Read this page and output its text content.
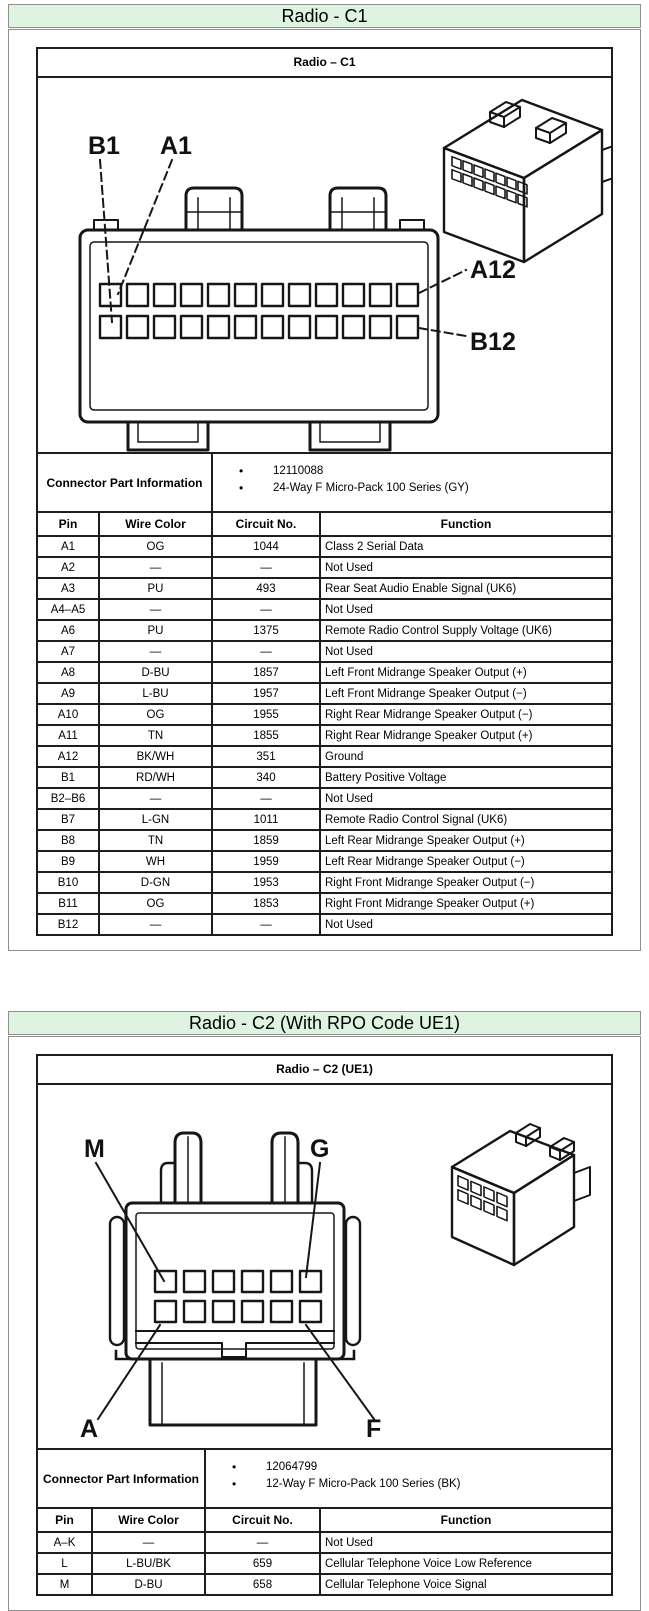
Radio - C1
Radio – C1			

B1 A1
A12
B12			

Connector Part Information		• 12110088
• 24-Way F Micro-Pack 100 Series (GY)	

Pin	Wire Color	Circuit No.	Function
A1	OG	1044	Class 2 Serial Data
A2	—	—	Not Used
A3	PU	493	Rear Seat Audio Enable Signal (UK6)
A4–A5	—	—	Not Used
A6	PU	1375	Remote Radio Control Supply Voltage (UK6)
A7	—	—	Not Used
A8	D-BU	1857	Left Front Midrange Speaker Output (+)
A9	L-BU	1957	Left Front Midrange Speaker Output (−)
A10	OG	1955	Right Rear Midrange Speaker Output (−)
A11	TN	1855	Right Rear Midrange Speaker Output (+)
A12	BK/WH	351	Ground
B1	RD/WH	340	Battery Positive Voltage
B2–B6	—	—	Not Used
B7	L-GN	1011	Remote Radio Control Signal (UK6)
B8	TN	1859	Left Rear Midrange Speaker Output (+)
B9	WH	1959	Left Rear Midrange Speaker Output (−)
B10	D-GN	1953	Right Front Midrange Speaker Output (−)
B11	OG	1853	Right Front Midrange Speaker Output (+)
B12	—	—	Not Used
Radio - C2 (With RPO Code UE1)
Radio – C2 (UE1)			

M G
A F			

Connector Part Information		• 12064799
• 12-Way F Micro-Pack 100 Series (BK)	

Pin	Wire Color	Circuit No.	Function
A–K	—	—	Not Used
L	L-BU/BK	659	Cellular Telephone Voice Low Reference
M	D-BU	658	Cellular Telephone Voice Signal
